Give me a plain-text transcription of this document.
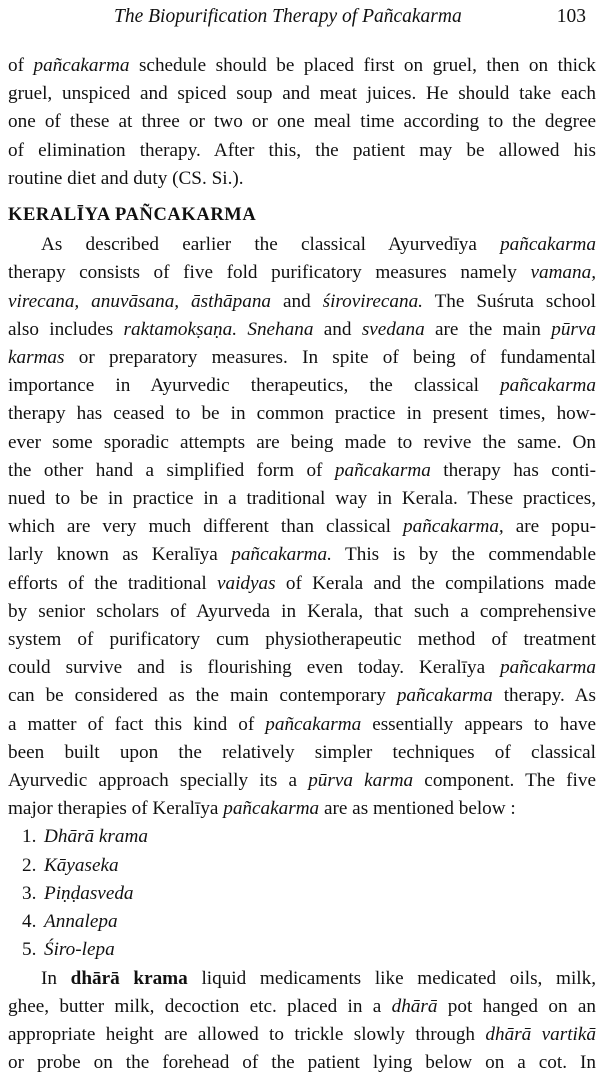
The Biopurification Therapy of Pañcakarma	103
of pañcakarma schedule should be placed first on gruel, then on thick
gruel, unspiced and spiced soup and meat juices. He should take each
one of these at three or two or one meal time according to the degree
of elimination therapy. After this, the patient may be allowed his
routine diet and duty (CS. Si.).
KERALĪYA PAÑCAKARMA
As described earlier the classical Ayurvedīya pañcakarma
therapy consists of five fold purificatory measures namely vamana,
virecana, anuvāsana, āsthāpana and śirovirecana. The Suśruta school
also includes raktamokṣaṇa. Snehana and svedana are the main pūrva
karmas or preparatory measures. In spite of being of fundamental
importance in Ayurvedic therapeutics, the classical pañcakarma
therapy has ceased to be in common practice in present times, how-
ever some sporadic attempts are being made to revive the same. On
the other hand a simplified form of pañcakarma therapy has conti-
nued to be in practice in a traditional way in Kerala. These practices,
which are very much different than classical pañcakarma, are popu-
larly known as Keralīya pañcakarma. This is by the commendable
efforts of the traditional vaidyas of Kerala and the compilations made
by senior scholars of Ayurveda in Kerala, that such a comprehensive
system of purificatory cum physiotherapeutic method of treatment
could survive and is flourishing even today. Keralīya pañcakarma
can be considered as the main contemporary pañcakarma therapy. As
a matter of fact this kind of pañcakarma essentially appears to have
been built upon the relatively simpler techniques of classical
Ayurvedic approach specially its a pūrva karma component. The five
major therapies of Keralīya pañcakarma are as mentioned below :
1. Dhārā krama
2. Kāyaseka
3. Piṇḍasveda
4. Annalepa
5. Śiro-lepa
In dhārā krama liquid medicaments like medicated oils, milk,
ghee, butter milk, decoction etc. placed in a dhārā pot hanged on an
appropriate height are allowed to trickle slowly through dhārā vartikā
or probe on the forehead of the patient lying below on a cot. In
